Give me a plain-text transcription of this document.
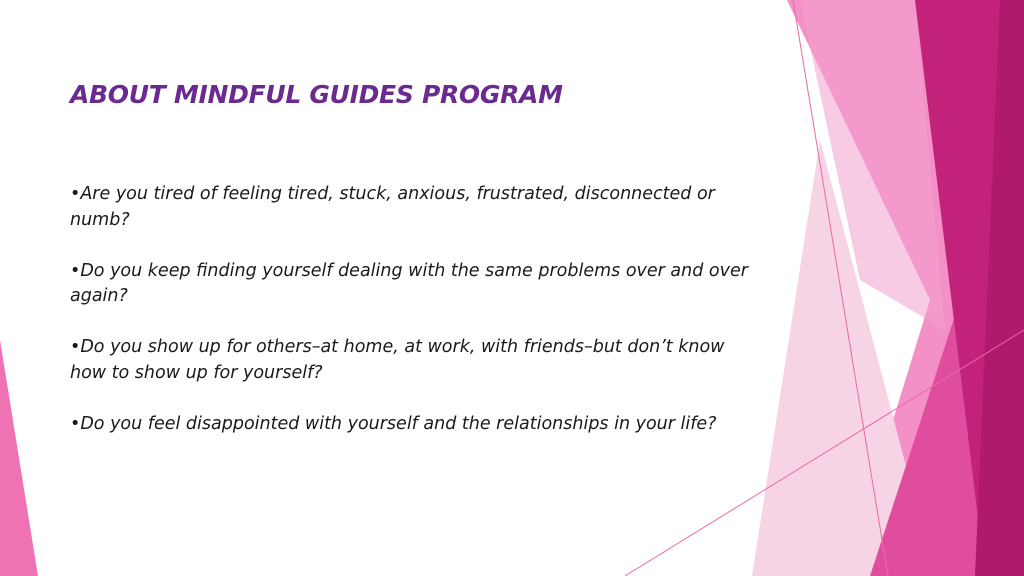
ABOUT MINDFUL GUIDES PROGRAM
•Are you tired of feeling tired, stuck, anxious, frustrated, disconnected or numb?
•Do you keep finding yourself dealing with the same problems over and over again?
•Do you show up for others–at home, at work, with friends–but don’t know how to show up for yourself?
•Do you feel disappointed with yourself and the relationships in your life?
